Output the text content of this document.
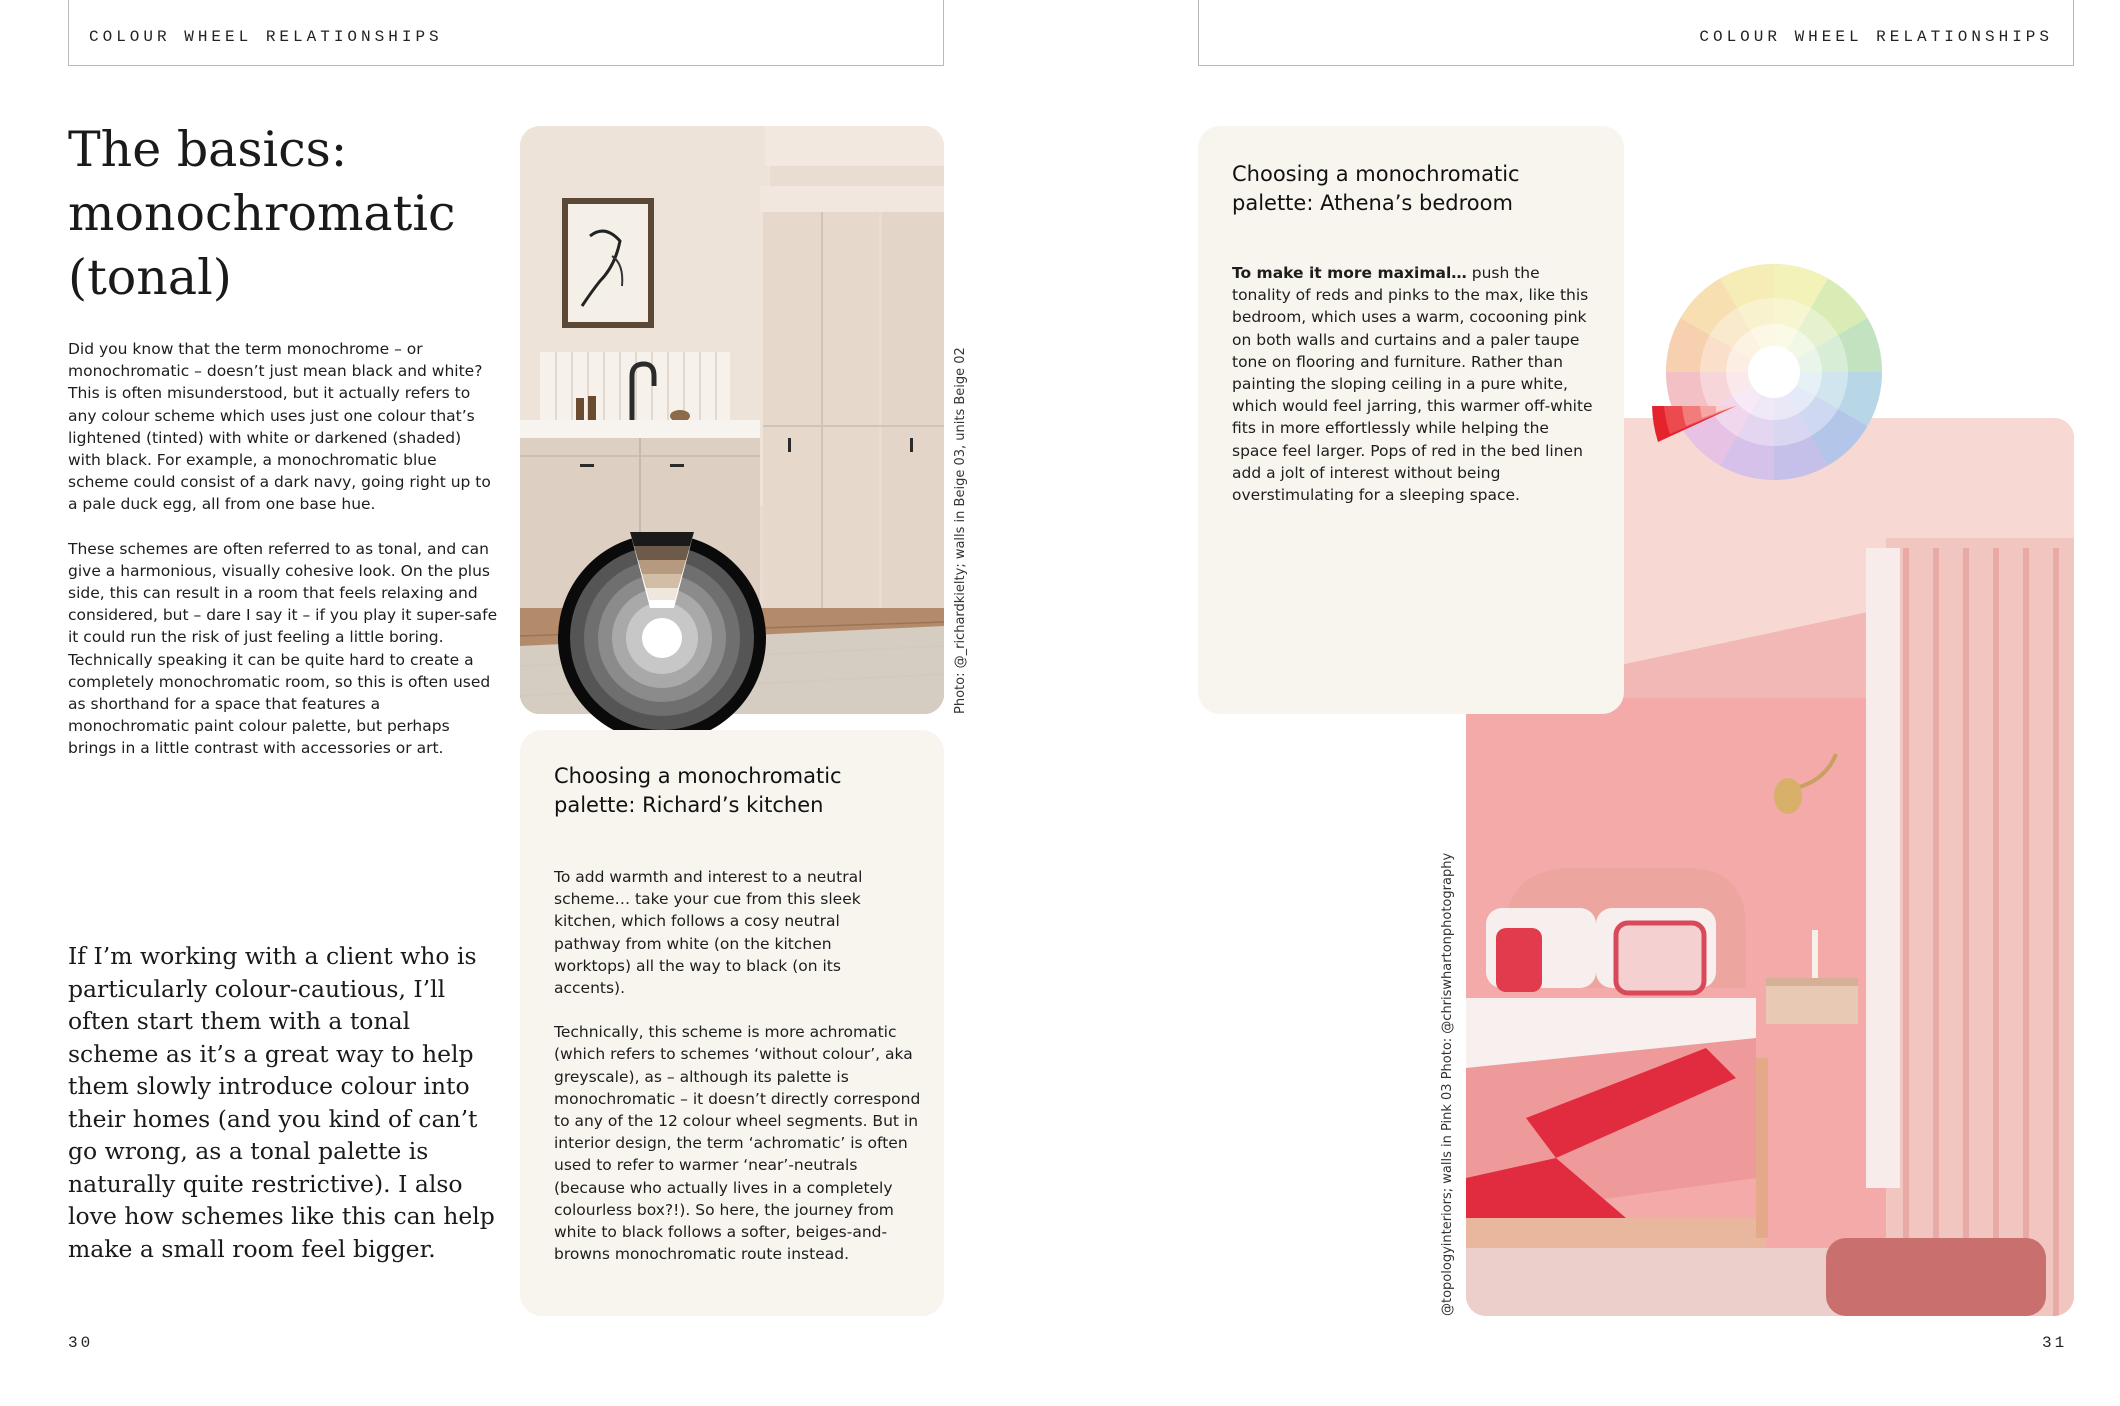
COLOUR WHEEL RELATIONSHIPS
The basics:
monochromatic
(tonal)

Did you know that the term monochrome – or monochromatic – doesn’t just mean black and white? This is often misunderstood, but it actually refers to any colour scheme which uses just one colour that’s lightened (tinted) with white or darkened (shaded) with black. For example, a monochromatic blue scheme could consist of a dark navy, going right up to a pale duck egg, all from one base hue.

These schemes are often referred to as tonal, and can give a harmonious, visually cohesive look. On the plus side, this can result in a room that feels relaxing and considered, but – dare I say it – if you play it super-safe it could run the risk of just feeling a little boring. Technically speaking it can be quite hard to create a completely monochromatic room, so this is often used as shorthand for a space that features a monochromatic paint colour palette, but perhaps brings in a little contrast with accessories or art.

If I’m working with a client who is particularly colour-cautious, I’ll often start them with a tonal scheme as it’s a great way to help them slowly introduce colour into their homes (and you kind of can’t go wrong, as a tonal palette is naturally quite restrictive). I also love how schemes like this can help make a small room feel bigger.
Photo: @_richardkielty; walls in Beige 03, units Beige 02
Choosing a monochromatic palette: Richard’s kitchen

To add warmth and interest to a neutral scheme… take your cue from this sleek kitchen, which follows a cosy neutral pathway from white (on the kitchen worktops) all the way to black (on its accents).

Technically, this scheme is more achromatic (which refers to schemes ‘without colour’, aka greyscale), as – although its palette is monochromatic – it doesn’t directly correspond to any of the 12 colour wheel segments. But in interior design, the term ‘achromatic’ is often used to refer to warmer ‘near’-neutrals (because who actually lives in a completely colourless box?!). So here, the journey from white to black follows a softer, beiges-and-browns monochromatic route instead.

30
COLOUR WHEEL RELATIONSHIPS
Choosing a monochromatic palette: Athena’s bedroom

To make it more maximal… push the tonality of reds and pinks to the max, like this bedroom, which uses a warm, cocooning pink on both walls and curtains and a paler taupe tone on flooring and furniture. Rather than painting the sloping ceiling in a pure white, which would feel jarring, this warmer off-white fits in more effortlessly while helping the space feel larger. Pops of red in the bed linen add a jolt of interest without being overstimulating for a sleeping space.

@topologyinteriors; walls in Pink 03 Photo: @chriswhartonphotography
31
